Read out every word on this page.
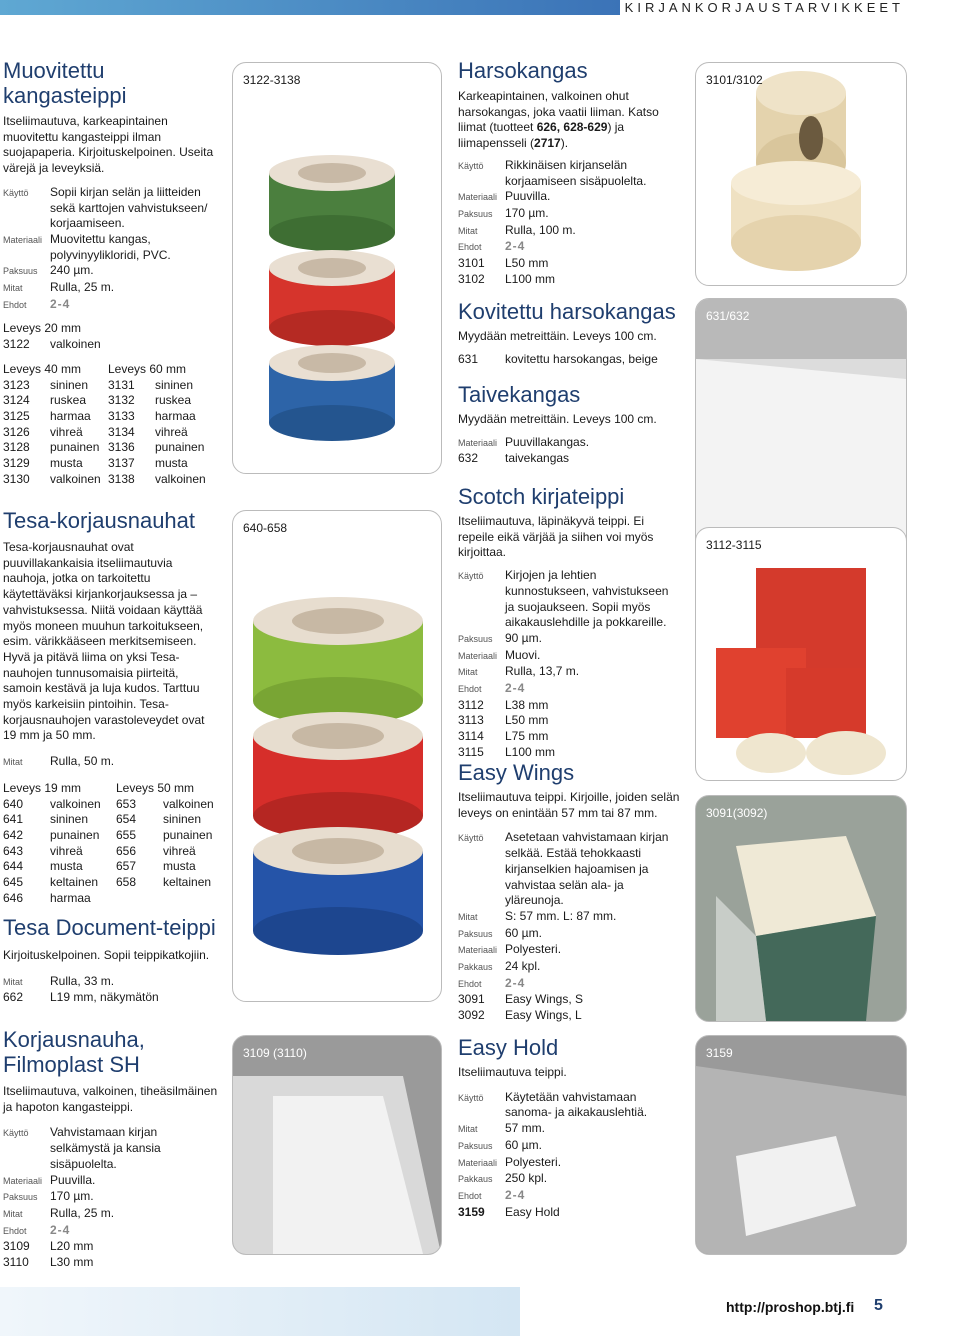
KIRJANKORJAUSTARVIKKEET
Muovitettu
kangasteippi
Itseliimautuva, karkeapintainen muovitettu kangasteippi ilman suojapaperia. Kirjoituskelpoinen. Useita värejä ja leveyksiä.
Käyttö	Sopii kirjan selän ja liitteiden sekä karttojen vahvistukseen/ korjaamiseen.
Materiaali Muovitettu kangas, polyvinyylikloridi, PVC.
Paksuus	240 µm.
Mitat	Rulla, 25 m.
Ehdot	2-4
Leveys 20 mm
3122	valkoinen
Leveys 40 mm	Leveys 60 mm
3123	sininen	3131	sininen
3124	ruskea	3132	ruskea
3125	harmaa	3133	harmaa
3126	vihreä	3134	vihreä
3128	punainen 3136	punainen
3129	musta	3137	musta
3130	valkoinen 3138	valkoinen
Tesa-korjausnauhat
Tesa-korjausnauhat ovat puuvillakankaisia itseliimautuvia nauhoja, jotka on tarkoitettu käytettäväksi kirjankorjauksessa ja –vahvistuksessa. Niitä voidaan käyttää myös moneen muuhun tarkoitukseen, esim. värikkääseen merkitsemiseen. Hyvä ja pitävä liima on yksi Tesa-nauhojen tunnusomaisia piirteitä, samoin kestävä ja luja kudos. Tarttuu myös karkeisiin pintoihin. Tesa-korjausnauhojen varastoleveydet ovat 19 mm ja 50 mm.
Mitat	Rulla, 50 m.
Leveys 19 mm	Leveys 50 mm
640	valkoinen	653	valkoinen
641	sininen	654	sininen
642	punainen	655	punainen
643	vihreä	656	vihreä
644	musta	657	musta
645	keltainen	658	keltainen
646	harmaa
Tesa Document-teippi
Kirjoituskelpoinen. Sopii teippikatkojiin.
Mitat	Rulla, 33 m.
662	L19 mm, näkymätön
Korjausnauha,
Filmoplast SH
Itseliimautuva, valkoinen, tiheäsilmäinen ja hapoton kangasteippi.
Käyttö	Vahvistamaan kirjan selkämystä ja kansia sisäpuolelta.
Materiaali Puuvilla.
Paksuus	170 µm.
Mitat	Rulla, 25 m.
Ehdot	2-4
3109	L20 mm
3110	L30 mm
3122-3138
640-658
3109 (3110)
Harsokangas
Karkeapintainen, valkoinen ohut harsokangas, joka vaatii liiman. Katso liimat (tuotteet 626, 628-629) ja liimapensseli (2717).
Käyttö	Rikkinäisen kirjanselän korjaamiseen sisäpuolelta.
Materiaali Puuvilla.
Paksuus	170 µm.
Mitat	Rulla, 100 m.
Ehdot	2-4
3101	L50 mm
3102	L100 mm
Kovitettu harsokangas
Myydään metreittäin. Leveys 100 cm.
631	kovitettu harsokangas, beige
Taivekangas
Myydään metreittäin. Leveys 100 cm.
Materiaali Puuvillakangas.
632	taivekangas
Scotch kirjateippi
Itseliimautuva, läpinäkyvä teippi. Ei repeile eikä värjää ja siihen voi myös kirjoittaa.
Käyttö	Kirjojen ja lehtien kunnostukseen, vahvistukseen ja suojaukseen. Sopii myös aikakauslehdille ja pokkareille.
Paksuus	90 µm.
Materiaali Muovi.
Mitat	Rulla, 13,7 m.
Ehdot	2-4
3112	L38 mm
3113	L50 mm
3114	L75 mm
3115	L100 mm
Easy Wings
Itseliimautuva teippi. Kirjoille, joiden selän leveys on enintään 57 mm tai 87 mm.
Käyttö	Asetetaan vahvistamaan kirjan selkää. Estää tehokkaasti kirjanselkien hajoamisen ja vahvistaa selän ala- ja yläreunoja.
Mitat	S: 57 mm. L: 87 mm.
Paksuus	60 µm.
Materiaali Polyesteri.
Pakkaus	24 kpl.
Ehdot	2-4
3091	Easy Wings, S
3092	Easy Wings, L
Easy Hold
Itseliimautuva teippi.
Käyttö	Käytetään vahvistamaan sanoma- ja aikakauslehtiä.
Mitat	57 mm.
Paksuus	60 µm.
Materiaali Polyesteri.
Pakkaus	250 kpl.
Ehdot	2-4
3159	Easy Hold
3101/3102
631/632
3112-3115
3091(3092)
3159
http://proshop.btj.fi 5
